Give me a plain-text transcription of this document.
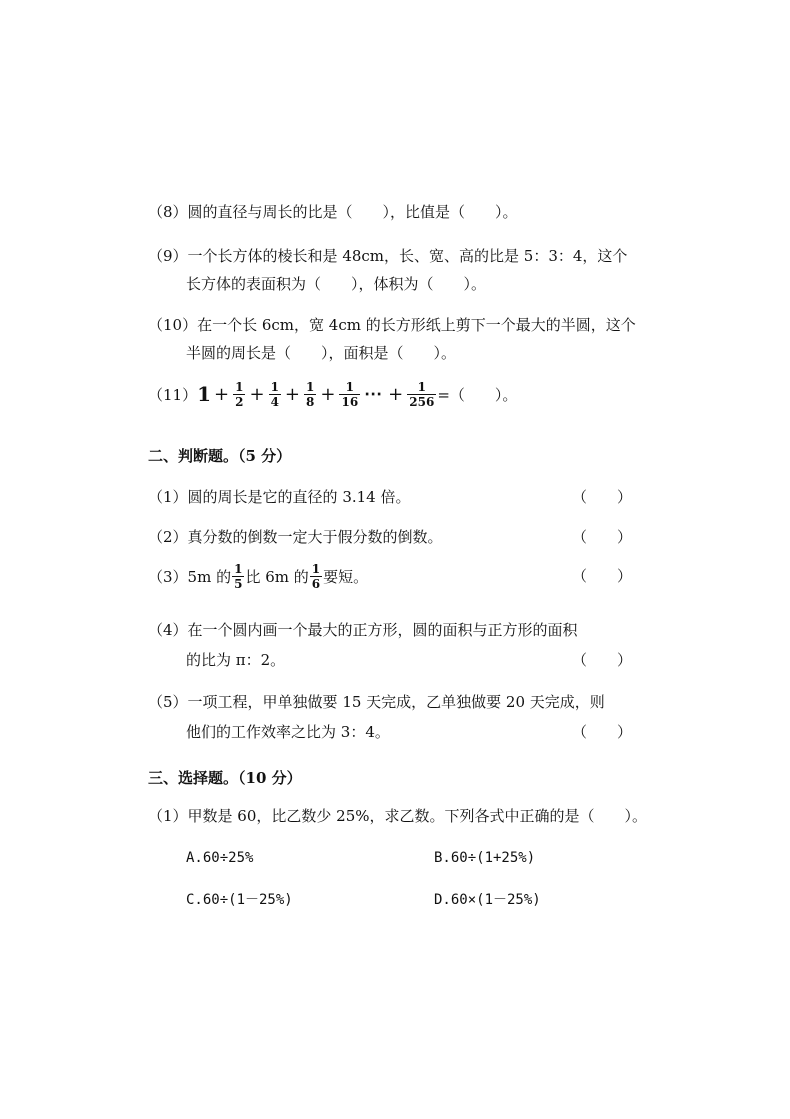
（8）圆的直径与周长的比是（　　），比值是（　　）。
（9）一个长方体的棱长和是 48cm，长、宽、高的比是 5：3：4，这个
长方体的表面积为（　　），体积为（　　）。
（10）在一个长 6cm，宽 4cm 的长方形纸上剪下一个最大的半圆，这个
半圆的周长是（　　），面积是（　　）。
（11） $1 + \frac{1}{2} + \frac{1}{4} + \frac{1}{8} + \frac{1}{16}$ ⋯ + $\frac{1}{256}$ =（　　）。
二、判断题。（5 分）
（1）圆的周长是它的直径的 3.14 倍。	（　　）
（2）真分数的倒数一定大于假分数的倒数。	（　　）
（3）5m 的 $\frac{1}{5}$ 比 6m 的 $\frac{1}{6}$ 要短。	（　　）
（4）在一个圆内画一个最大的正方形，圆的面积与正方形的面积
的比为 π：2。	（　　）
（5）一项工程，甲单独做要 15 天完成，乙单独做要 20 天完成，则
他们的工作效率之比为 3：4。	（　　）
三、选择题。（10 分）
（1）甲数是 60，比乙数少 25%，求乙数。下列各式中正确的是（　　）。
A.60÷25%	B.60÷(1+25%)
C.60÷(1－25%)	D.60×(1－25%)
